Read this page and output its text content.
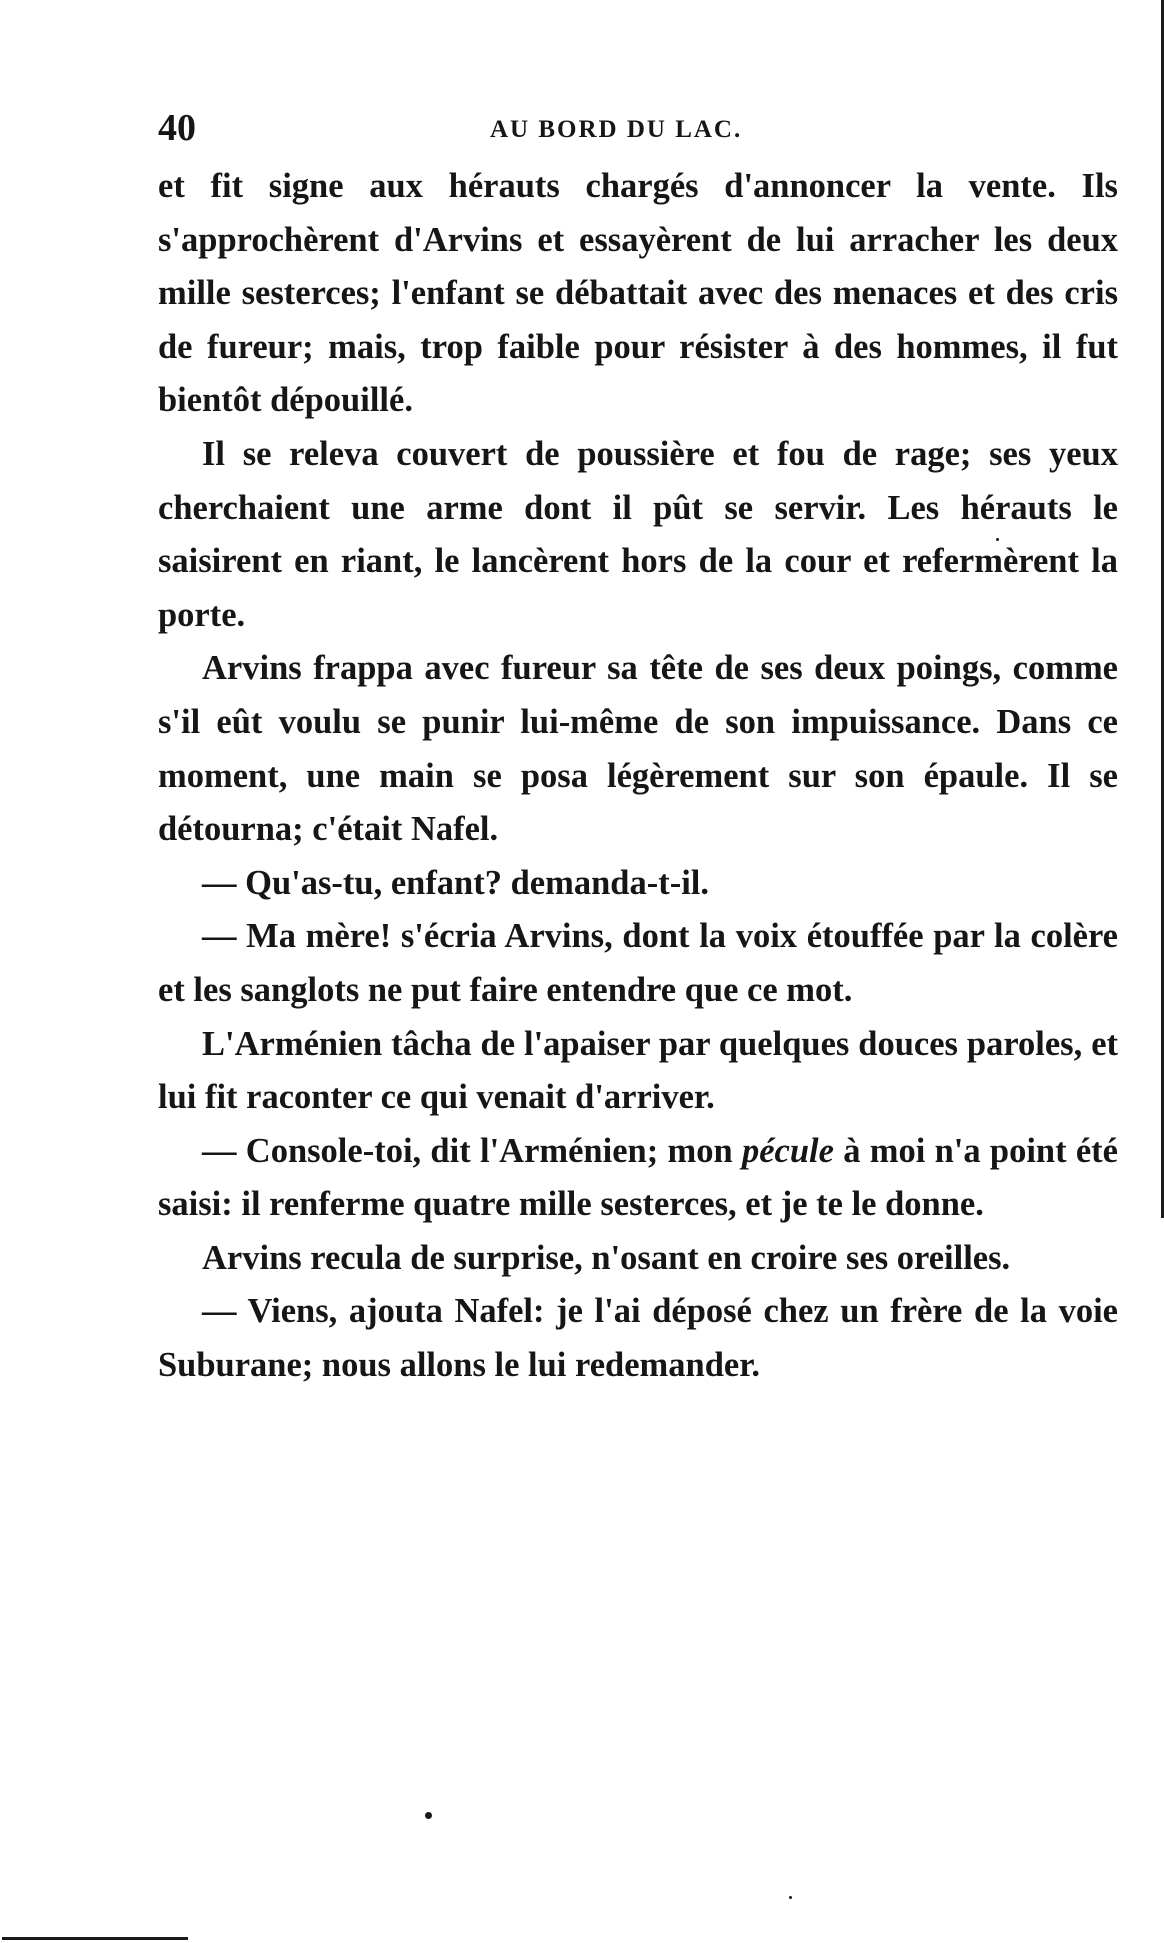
40	AU BORD DU LAC.

et fit signe aux hérauts chargés d'annoncer la vente. Ils s'approchèrent d'Arvins et essayèrent de lui arracher les deux mille sesterces; l'enfant se débattait avec des menaces et des cris de fureur; mais, trop faible pour résister à des hommes, il fut bientôt dépouillé.

Il se releva couvert de poussière et fou de rage; ses yeux cherchaient une arme dont il pût se servir. Les hérauts le saisirent en riant, le lancèrent hors de la cour et refermèrent la porte.

Arvins frappa avec fureur sa tête de ses deux poings, comme s'il eût voulu se punir lui-même de son impuissance. Dans ce moment, une main se posa légèrement sur son épaule. Il se détourna; c'était Nafel.

— Qu'as-tu, enfant? demanda-t-il.

— Ma mère! s'écria Arvins, dont la voix étouffée par la colère et les sanglots ne put faire entendre que ce mot.

L'Arménien tâcha de l'apaiser par quelques douces paroles, et lui fit raconter ce qui venait d'arriver.

— Console-toi, dit l'Arménien; mon pécule à moi n'a point été saisi: il renferme quatre mille sesterces, et je te le donne.

Arvins recula de surprise, n'osant en croire ses oreilles.

— Viens, ajouta Nafel: je l'ai déposé chez un frère de la voie Suburane; nous allons le lui redemander.
